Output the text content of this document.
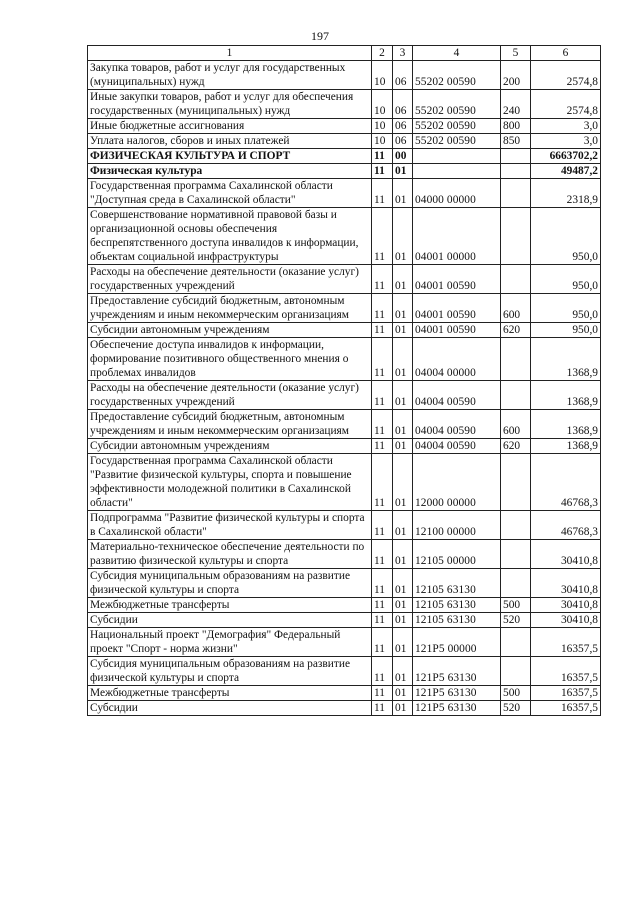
197
1	2	3	4	5	6
Закупка товаров, работ и услуг для государственных (муниципальных) нужд	10	06	55202 00590	200	2574,8
Иные закупки товаров, работ и услуг для обеспечения государственных (муниципальных) нужд	10	06	55202 00590	240	2574,8
Иные бюджетные ассигнования	10	06	55202 00590	800	3,0
Уплата налогов, сборов и иных платежей	10	06	55202 00590	850	3,0
ФИЗИЧЕСКАЯ КУЛЬТУРА И СПОРТ	11	00			6663702,2
Физическая культура	11	01			49487,2
Государственная программа Сахалинской области "Доступная среда в Сахалинской области"	11	01	04000 00000		2318,9
Совершенствование нормативной правовой базы и организационной основы обеспечения беспрепятственного доступа инвалидов к информации, объектам социальной инфраструктуры	11	01	04001 00000		950,0
Расходы на обеспечение деятельности (оказание услуг) государственных учреждений	11	01	04001 00590		950,0
Предоставление субсидий бюджетным, автономным учреждениям и иным некоммерческим организациям	11	01	04001 00590	600	950,0
Субсидии автономным учреждениям	11	01	04001 00590	620	950,0
Обеспечение доступа инвалидов к информации, формирование позитивного общественного мнения о проблемах инвалидов	11	01	04004 00000		1368,9
Расходы на обеспечение деятельности (оказание услуг) государственных учреждений	11	01	04004 00590		1368,9
Предоставление субсидий бюджетным, автономным учреждениям и иным некоммерческим организациям	11	01	04004 00590	600	1368,9
Субсидии автономным учреждениям	11	01	04004 00590	620	1368,9
Государственная программа Сахалинской области "Развитие физической культуры, спорта и повышение эффективности молодежной политики в Сахалинской области"	11	01	12000 00000		46768,3
Подпрограмма "Развитие физической культуры и спорта в Сахалинской области"	11	01	12100 00000		46768,3
Материально-техническое обеспечение деятельности по развитию физической культуры и спорта	11	01	12105 00000		30410,8
Субсидия муниципальным образованиям на развитие физической культуры и спорта	11	01	12105 63130		30410,8
Межбюджетные трансферты	11	01	12105 63130	500	30410,8
Субсидии	11	01	12105 63130	520	30410,8
Национальный проект "Демография" Федеральный проект "Спорт - норма жизни"	11	01	121P5 00000		16357,5
Субсидия муниципальным образованиям на развитие физической культуры и спорта	11	01	121P5 63130		16357,5
Межбюджетные трансферты	11	01	121P5 63130	500	16357,5
Субсидии	11	01	121P5 63130	520	16357,5
